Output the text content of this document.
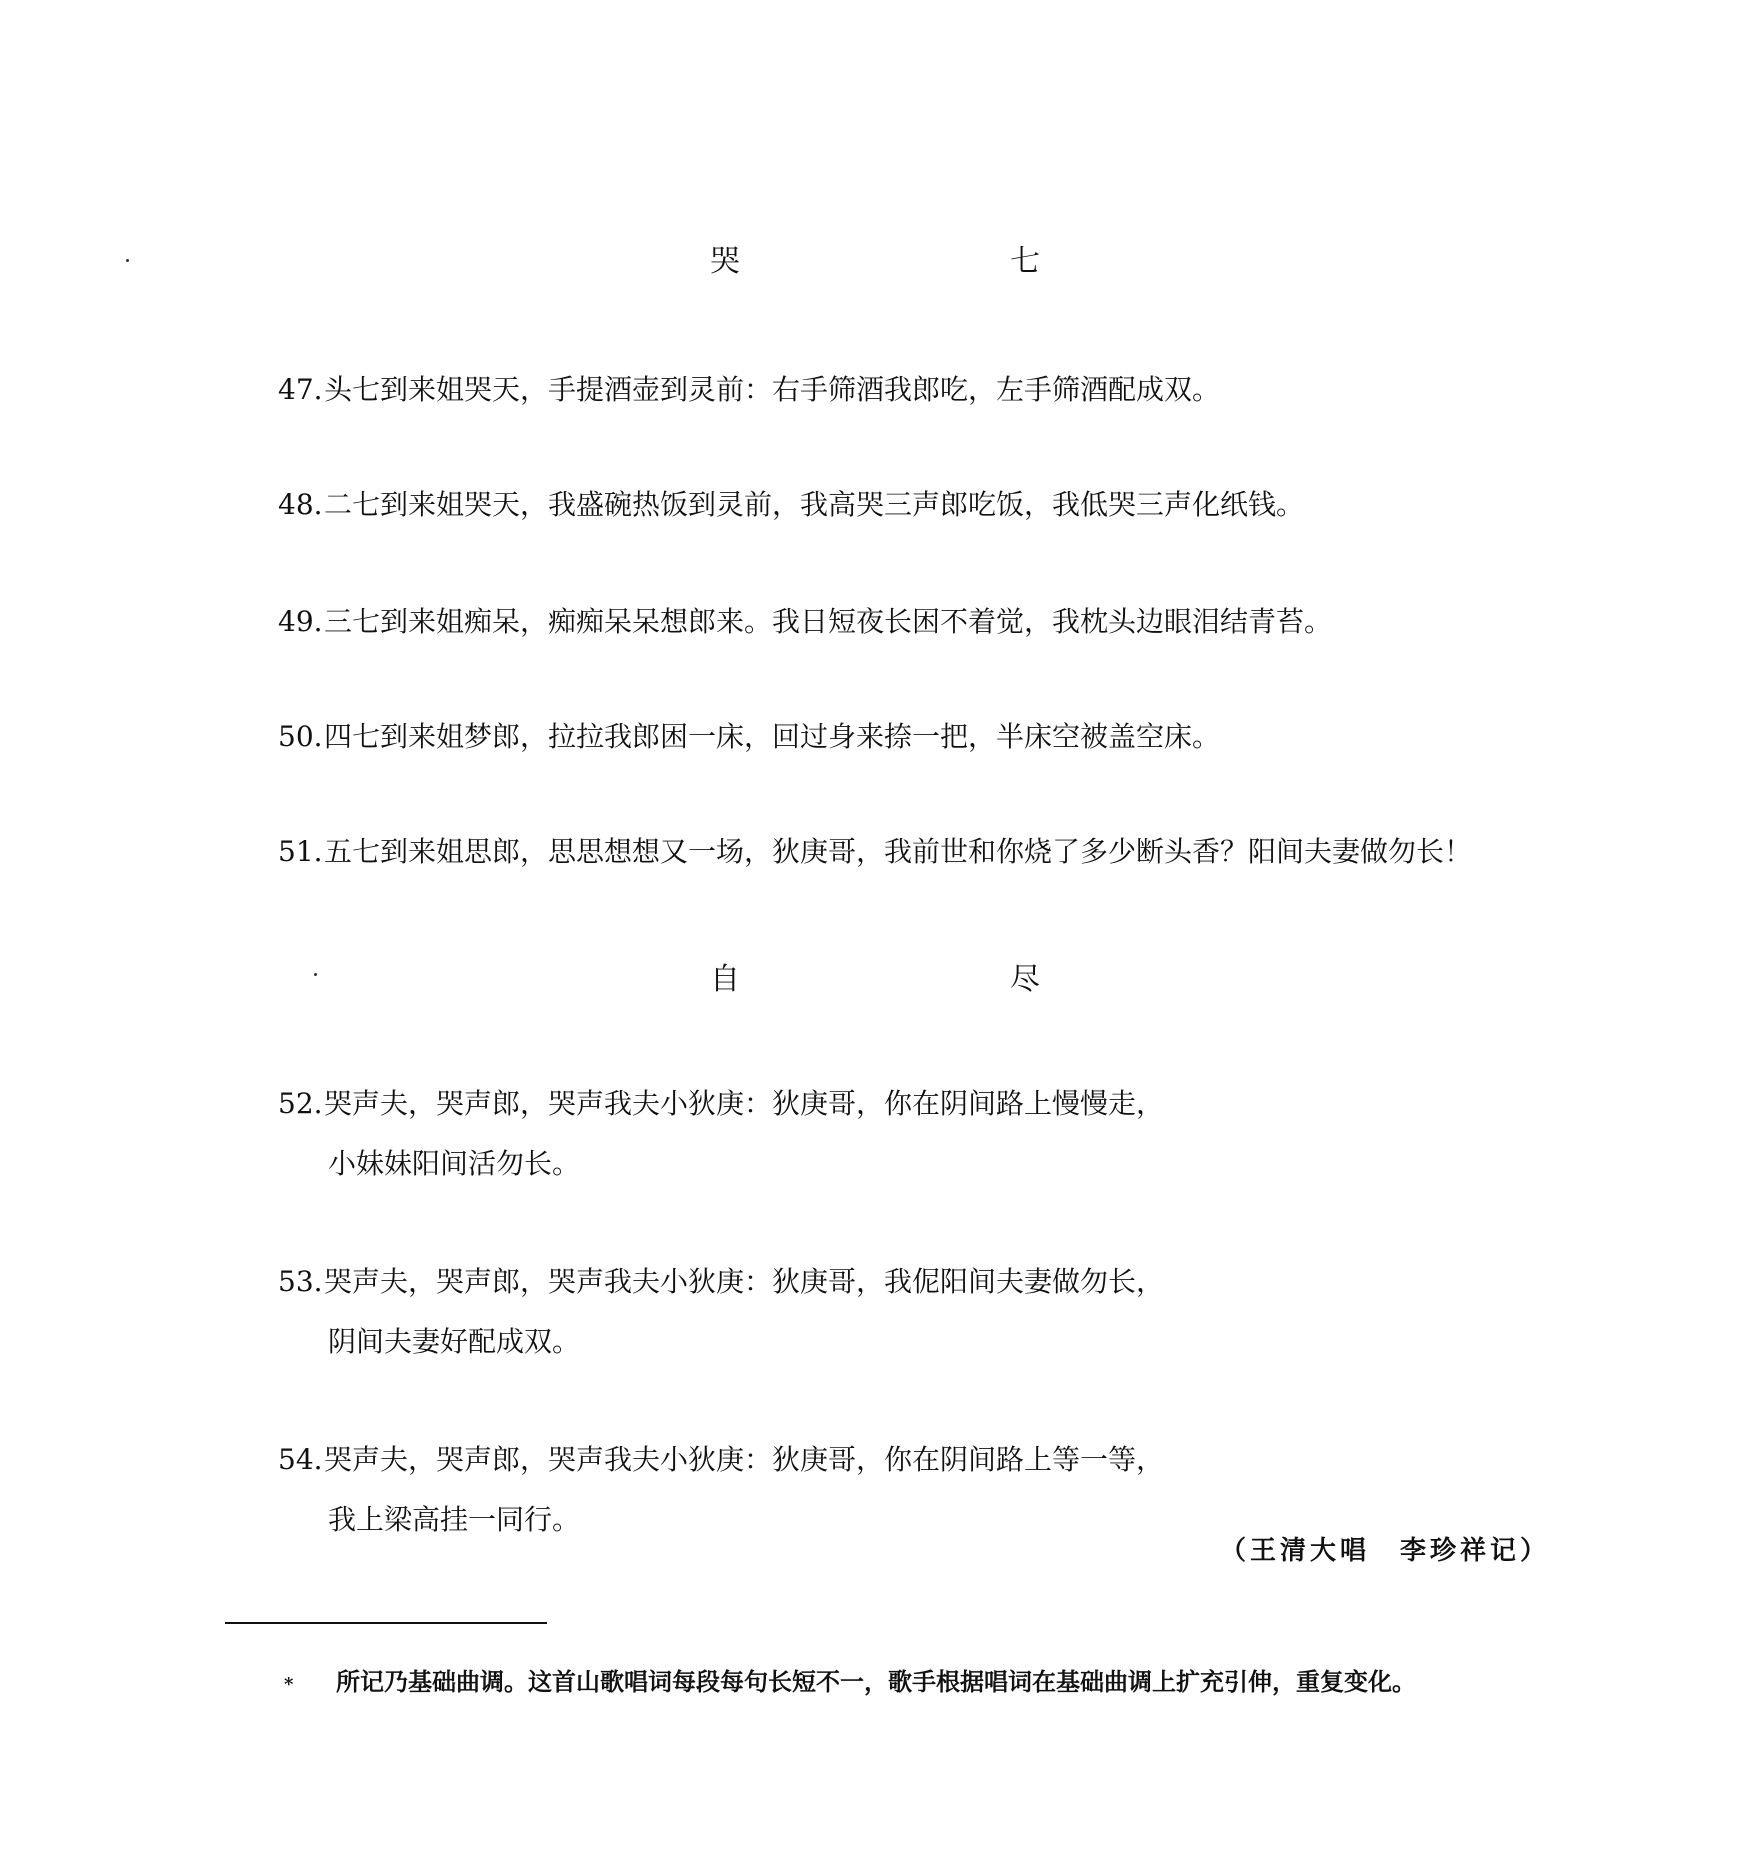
哭　七
47.头七到来姐哭天，手提酒壶到灵前：右手筛酒我郎吃，左手筛酒配成双。
48.二七到来姐哭天，我盛碗热饭到灵前，我高哭三声郎吃饭，我低哭三声化纸钱。
49.三七到来姐痴呆，痴痴呆呆想郎来。我日短夜长困不着觉，我枕头边眼泪结青苔。
50.四七到来姐梦郎，拉拉我郎困一床，回过身来捺一把，半床空被盖空床。
51.五七到来姐思郎，思思想想又一场，狄庚哥，我前世和你烧了多少断头香？阳间夫妻做勿长！
自　尽
52.哭声夫，哭声郎，哭声我夫小狄庚：狄庚哥，你在阴间路上慢慢走，
小妹妹阳间活勿长。
53.哭声夫，哭声郎，哭声我夫小狄庚：狄庚哥，我伲阳间夫妻做勿长，
阴间夫妻好配成双。
54.哭声夫，哭声郎，哭声我夫小狄庚：狄庚哥，你在阴间路上等一等，
我上梁高挂一同行。
（王清大唱　李珍祥记）
* 所记乃基础曲调。这首山歌唱词每段每句长短不一，歌手根据唱词在基础曲调上扩充引伸，重复变化。
